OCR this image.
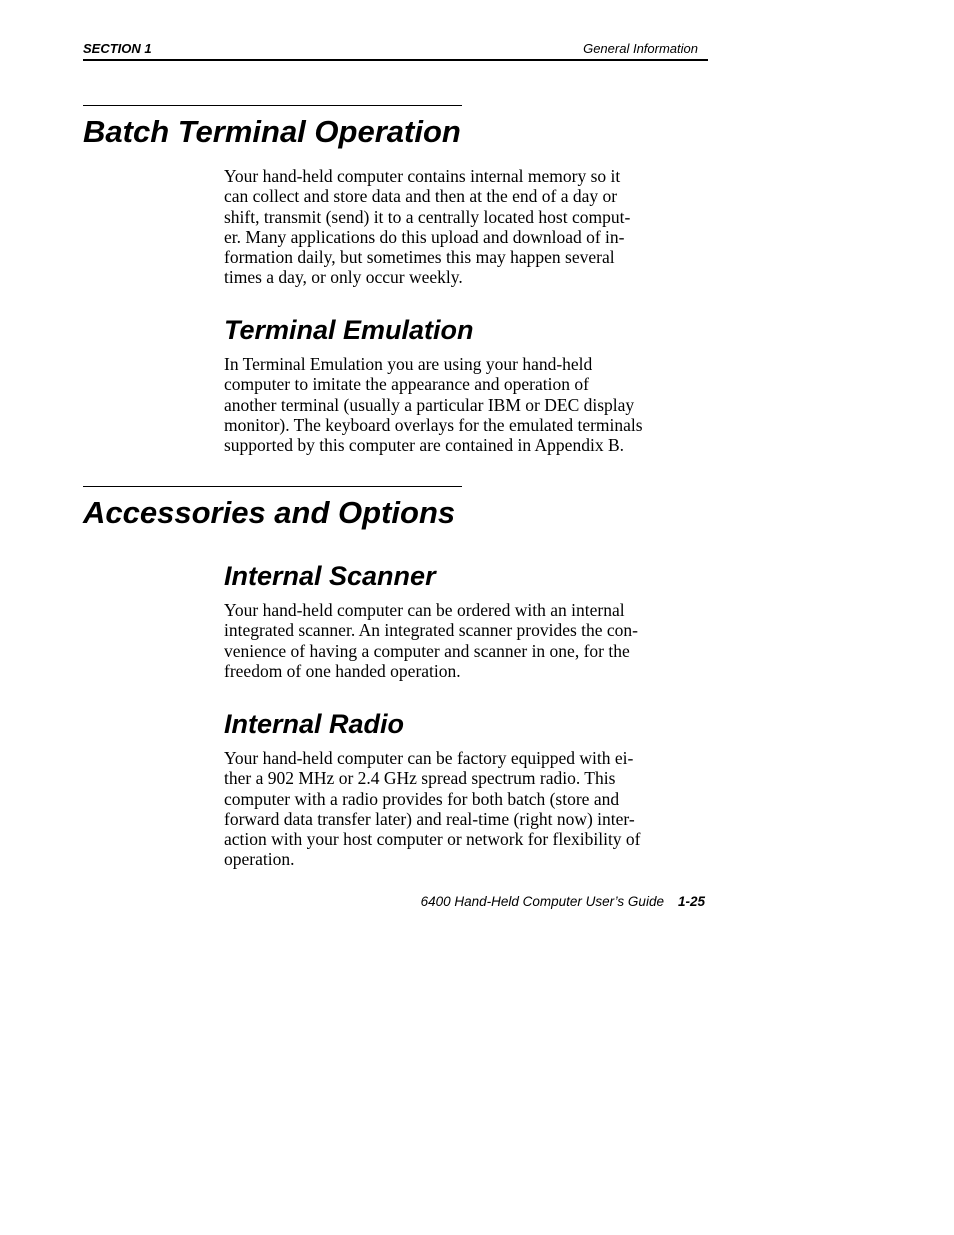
SECTION 1	General Information
Batch Terminal Operation
Your hand-held computer contains internal memory so it
can collect and store data and then at the end of a day or
shift, transmit (send) it to a centrally located host comput-
er. Many applications do this upload and download of in-
formation daily, but sometimes this may happen several
times a day, or only occur weekly.
Terminal Emulation
In Terminal Emulation you are using your hand-held
computer to imitate the appearance and operation of
another terminal (usually a particular IBM or DEC display
monitor). The keyboard overlays for the emulated terminals
supported by this computer are contained in Appendix B.
Accessories and Options
Internal Scanner
Your hand-held computer can be ordered with an internal
integrated scanner. An integrated scanner provides the con-
venience of having a computer and scanner in one, for the
freedom of one handed operation.
Internal Radio
Your hand-held computer can be factory equipped with ei-
ther a 902 MHz or 2.4 GHz spread spectrum radio. This
computer with a radio provides for both batch (store and
forward data transfer later) and real-time (right now) inter-
action with your host computer or network for flexibility of
operation.
6400 Hand-Held Computer User’s Guide 1-25
